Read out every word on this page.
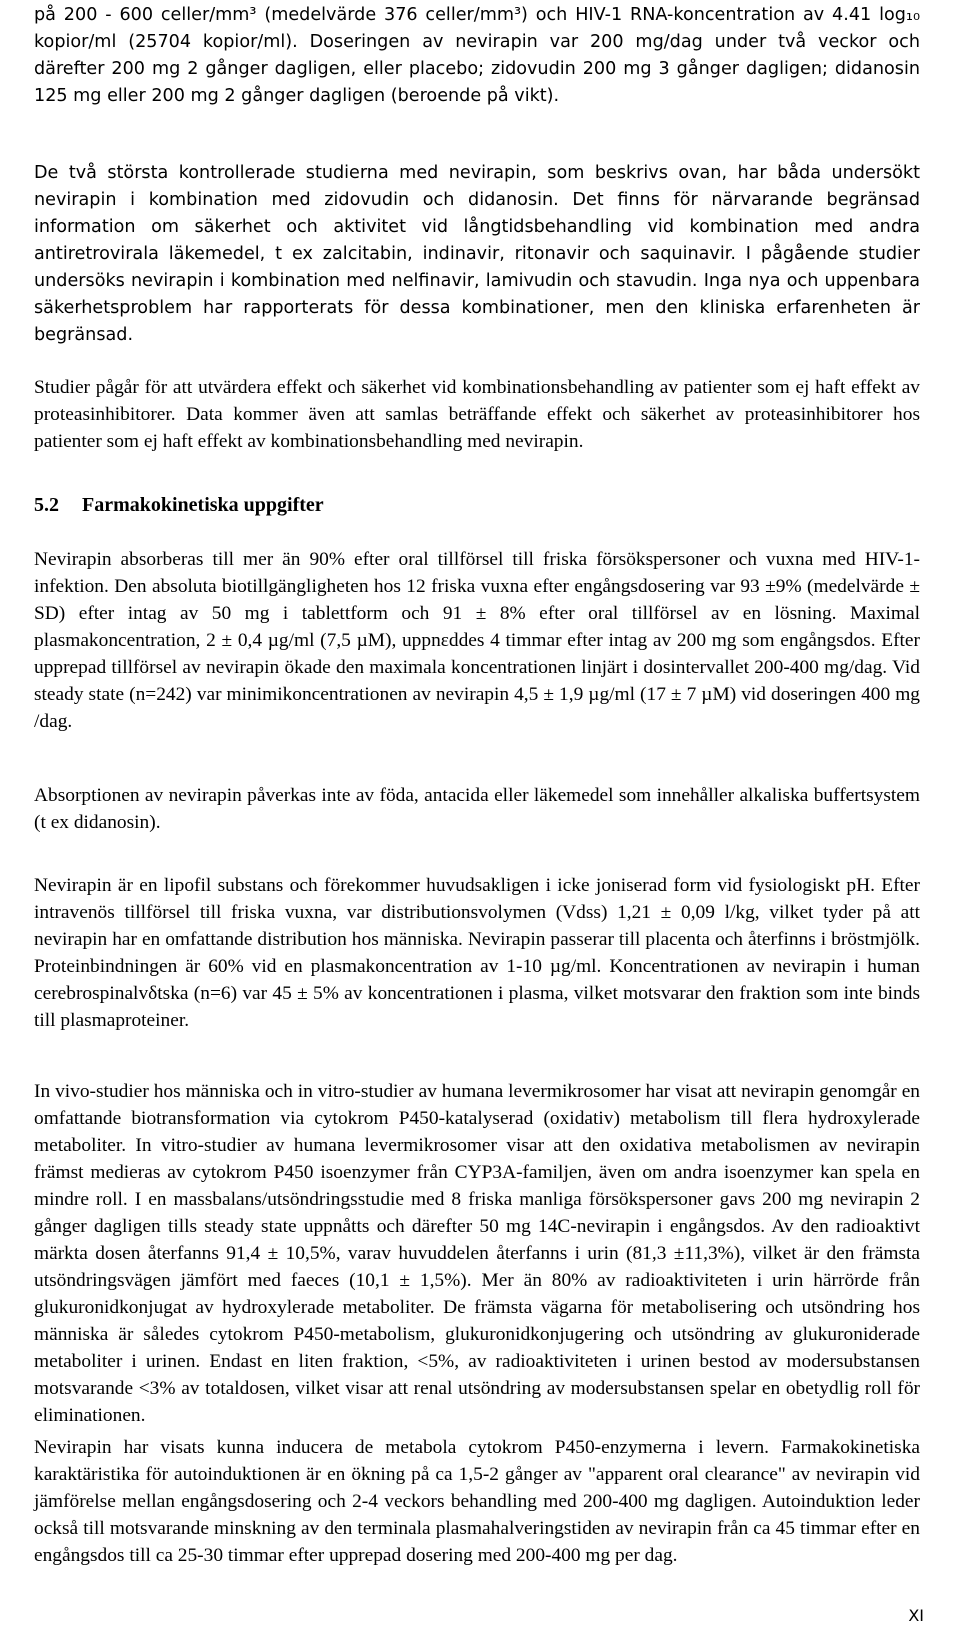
på 200 - 600 celler/mm³ (medelvärde 376 celler/mm³) och HIV-1 RNA-koncentration av 4.41 log₁₀ kopior/ml (25704 kopior/ml). Doseringen av nevirapin var 200 mg/dag under två veckor och därefter 200 mg 2 gånger dagligen, eller placebo; zidovudin 200 mg 3 gånger dagligen; didanosin 125 mg eller 200 mg 2 gånger dagligen (beroende på vikt).

De två största kontrollerade studierna med nevirapin, som beskrivs ovan, har båda undersökt nevirapin i kombination med zidovudin och didanosin. Det finns för närvarande begränsad information om säkerhet och aktivitet vid långtidsbehandling vid kombination med andra antiretrovirala läkemedel, t ex zalcitabin, indinavir, ritonavir och saquinavir. I pågående studier undersöks nevirapin i kombination med nelfinavir, lamivudin och stavudin. Inga nya och uppenbara säkerhetsproblem har rapporterats för dessa kombinationer, men den kliniska erfarenheten är begränsad.

Studier pågår för att utvärdera effekt och säkerhet vid kombinationsbehandling av patienter som ej haft effekt av proteasinhibitorer. Data kommer även att samlas beträffande effekt och säkerhet av proteasinhibitorer hos patienter som ej haft effekt av kombinationsbehandling med nevirapin.

5.2 Farmakokinetiska uppgifter

Nevirapin absorberas till mer än 90% efter oral tillförsel till friska försökspersoner och vuxna med HIV-1-infektion. Den absoluta biotillgängligheten hos 12 friska vuxna efter engångsdosering var 93 ±9% (medelvärde ± SD) efter intag av 50 mg i tablettform och 91 ± 8% efter oral tillförsel av en lösning. Maximal plasmakoncentration, 2 ± 0,4 µg/ml (7,5 µM), uppnεddes 4 timmar efter intag av 200 mg som engångsdos. Efter upprepad tillförsel av nevirapin ökade den maximala koncentrationen linjärt i dosintervallet 200-400 mg/dag. Vid steady state (n=242) var minimikoncentrationen av nevirapin 4,5 ± 1,9 µg/ml (17 ± 7 µM) vid doseringen 400 mg /dag.

Absorptionen av nevirapin påverkas inte av föda, antacida eller läkemedel som innehåller alkaliska buffertsystem (t ex didanosin).

Nevirapin är en lipofil substans och förekommer huvudsakligen i icke joniserad form vid fysiologiskt pH. Efter intravenös tillförsel till friska vuxna, var distributionsvolymen (Vdss) 1,21 ± 0,09 l/kg, vilket tyder på att nevirapin har en omfattande distribution hos människa. Nevirapin passerar till placenta och återfinns i bröstmjölk. Proteinbindningen är 60% vid en plasmakoncentration av 1-10 µg/ml. Koncentrationen av nevirapin i human cerebrospinalvδtska (n=6) var 45 ± 5% av koncentrationen i plasma, vilket motsvarar den fraktion som inte binds till plasmaproteiner.

In vivo-studier hos människa och in vitro-studier av humana levermikrosomer har visat att nevirapin genomgår en omfattande biotransformation via cytokrom P450-katalyserad (oxidativ) metabolism till flera hydroxylerade metaboliter. In vitro-studier av humana levermikrosomer visar att den oxidativa metabolismen av nevirapin främst medieras av cytokrom P450 isoenzymer från CYP3A-familjen, även om andra isoenzymer kan spela en mindre roll. I en massbalans/utsöndringsstudie med 8 friska manliga försökspersoner gavs 200 mg nevirapin 2 gånger dagligen tills steady state uppnåtts och därefter 50 mg 14C-nevirapin i engångsdos. Av den radioaktivt märkta dosen återfanns 91,4 ± 10,5%, varav huvuddelen återfanns i urin (81,3 ±11,3%), vilket är den främsta utsöndringsvägen jämfört med faeces (10,1 ± 1,5%). Mer än 80% av radioaktiviteten i urin härrörde från glukuronidkonjugat av hydroxylerade metaboliter. De främsta vägarna för metabolisering och utsöndring hos människa är således cytokrom P450-metabolism, glukuronidkonjugering och utsöndring av glukuroniderade metaboliter i urinen. Endast en liten fraktion, <5%, av radioaktiviteten i urinen bestod av modersubstansen motsvarande <3% av totaldosen, vilket visar att renal utsöndring av modersubstansen spelar en obetydlig roll för eliminationen.

Nevirapin har visats kunna inducera de metabola cytokrom P450-enzymerna i levern. Farmakokinetiska karaktäristika för autoinduktionen är en ökning på ca 1,5-2 gånger av "apparent oral clearance" av nevirapin vid jämförelse mellan engångsdosering och 2-4 veckors behandling med 200-400 mg dagligen. Autoinduktion leder också till motsvarande minskning av den terminala plasmahalveringstiden av nevirapin från ca 45 timmar efter en engångsdos till ca 25-30 timmar efter upprepad dosering med 200-400 mg per dag.

XI
